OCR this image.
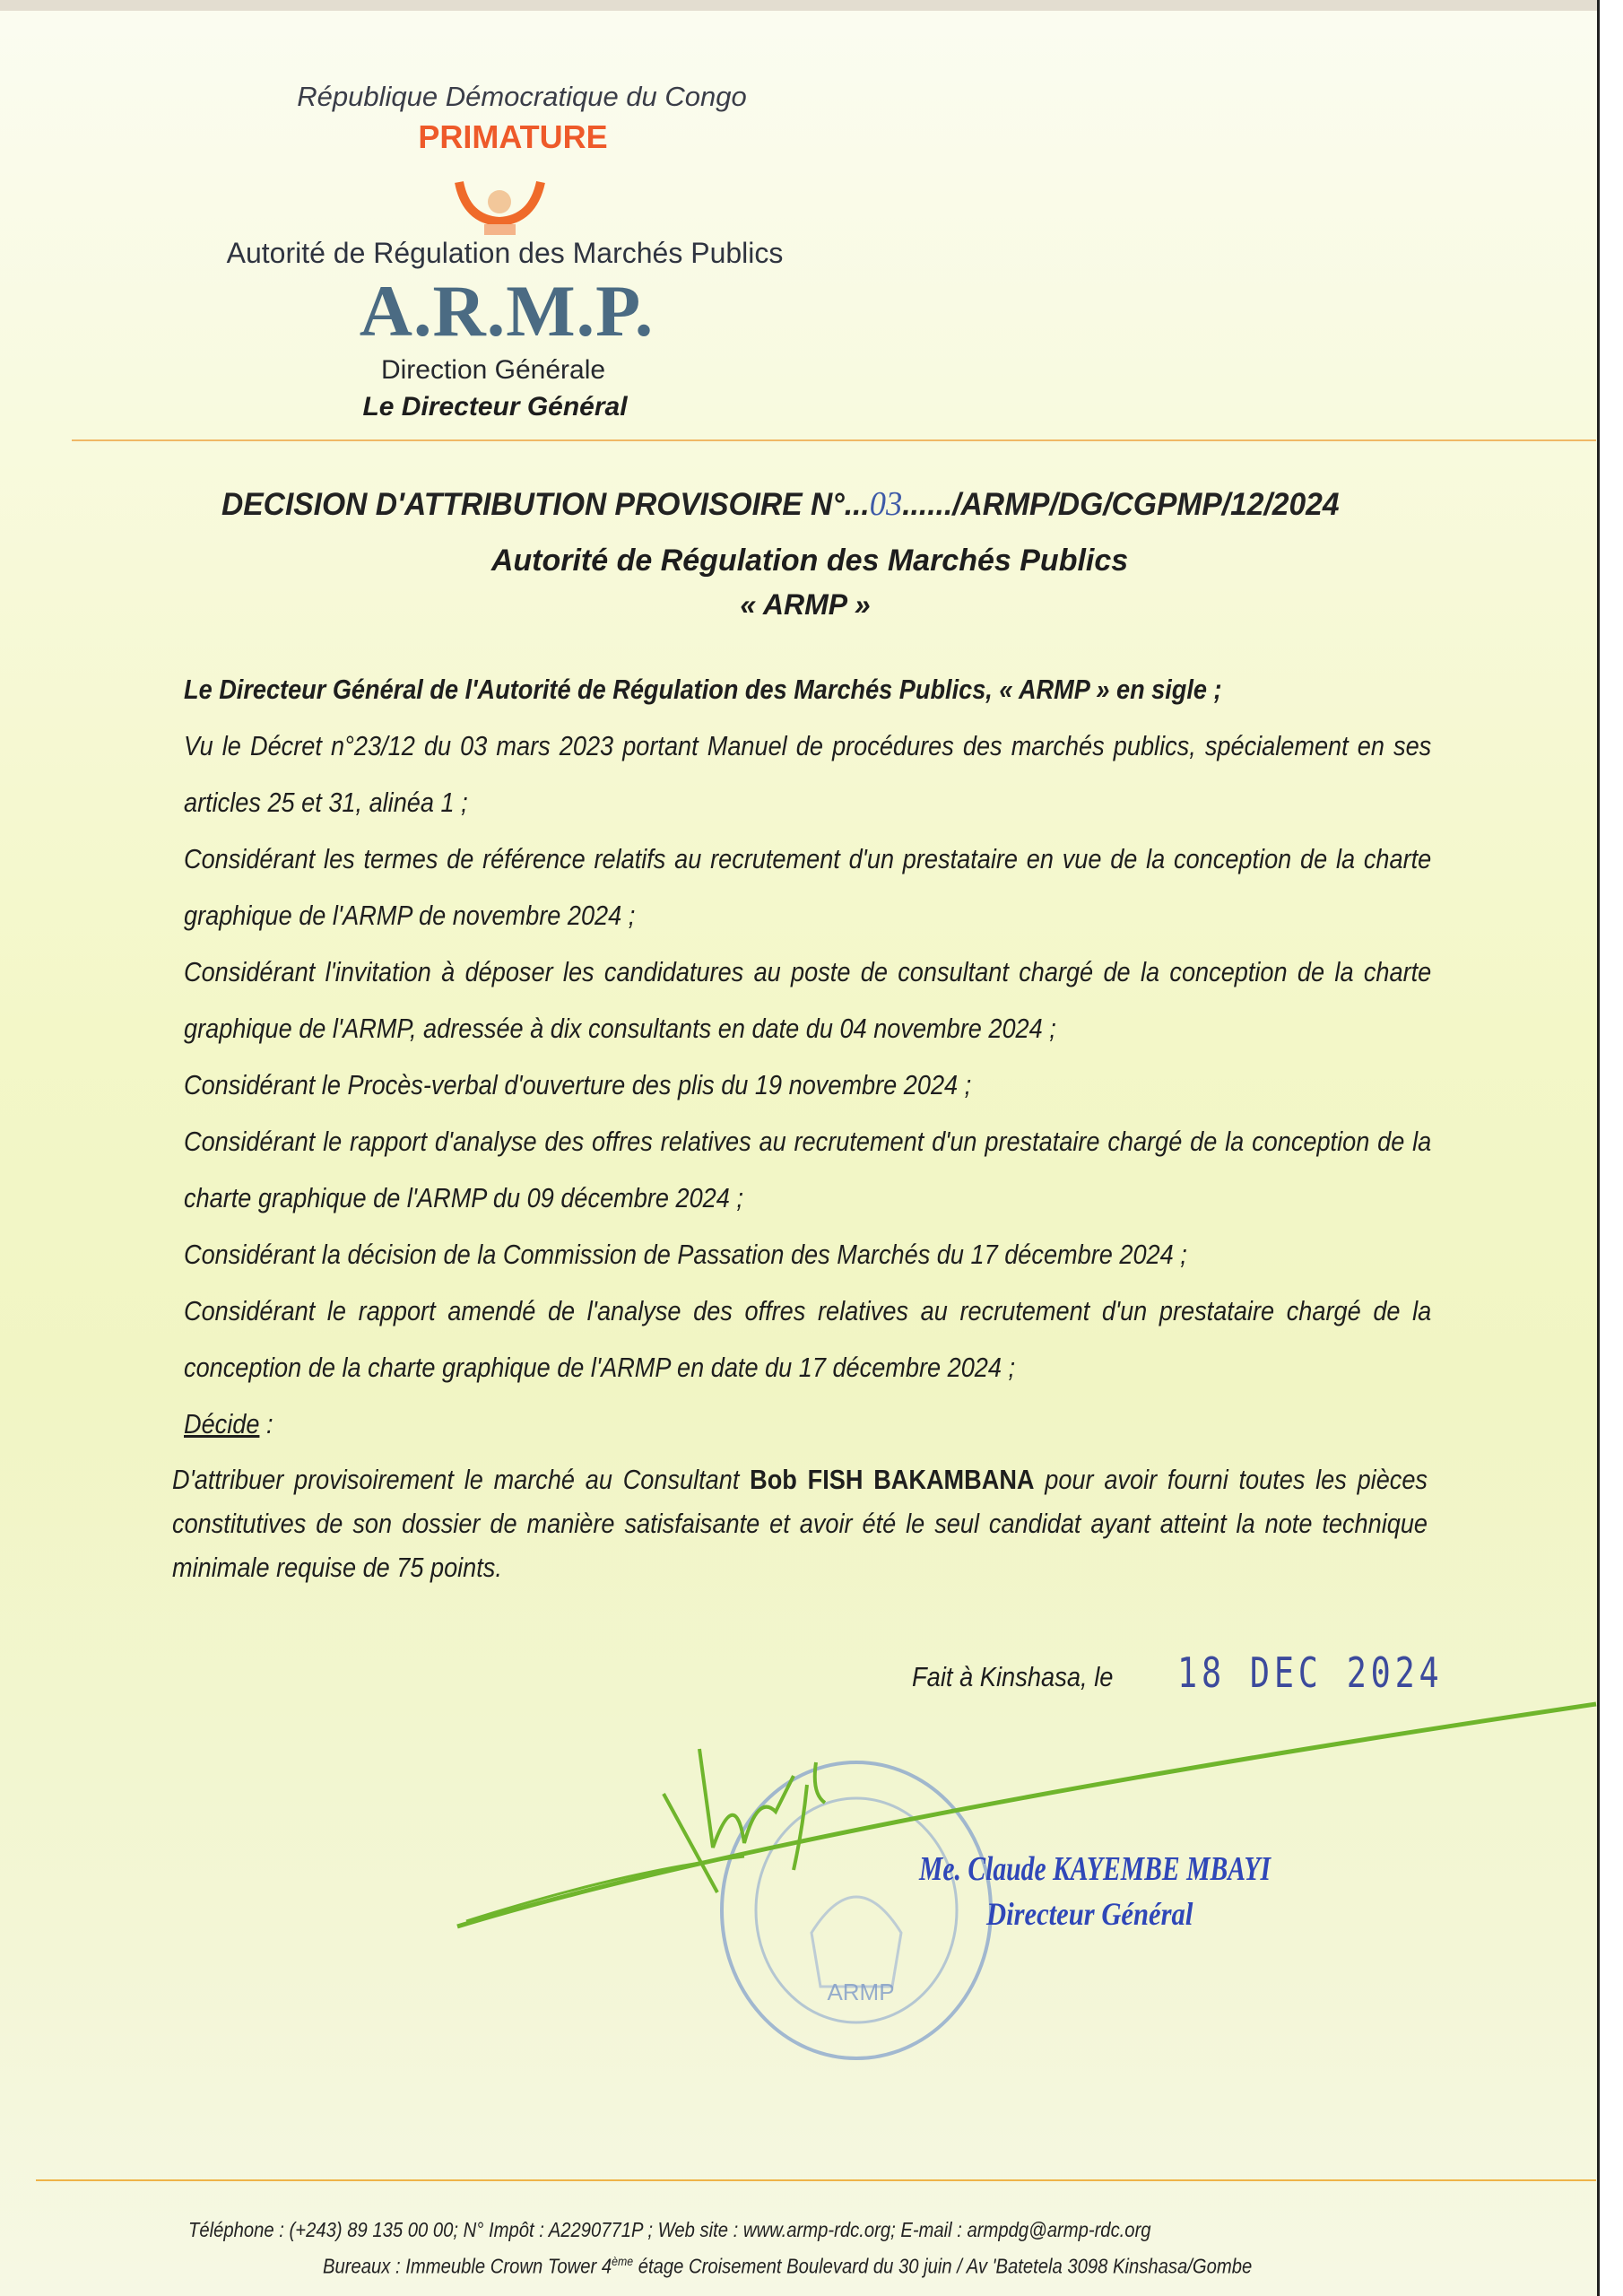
République Démocratique du Congo
PRIMATURE
Autorité de Régulation des Marchés Publics
A.R.M.P.
Direction Générale
Le Directeur Général
DECISION D'ATTRIBUTION PROVISOIRE N°...03....../ARMP/DG/CGPMP/12/2024
Autorité de Régulation des Marchés Publics
« ARMP »

Le Directeur Général de l'Autorité de Régulation des Marchés Publics, « ARMP » en sigle ;

Vu le Décret n°23/12 du 03 mars 2023 portant Manuel de procédures des marchés publics, spécialement en ses articles 25 et 31, alinéa 1 ;

Considérant les termes de référence relatifs au recrutement d'un prestataire en vue de la conception de la charte graphique de l'ARMP de novembre 2024 ;

Considérant l'invitation à déposer les candidatures au poste de consultant chargé de la conception de la charte graphique de l'ARMP, adressée à dix consultants en date du 04 novembre 2024 ;

Considérant le Procès-verbal d'ouverture des plis du 19 novembre 2024 ;

Considérant le rapport d'analyse des offres relatives au recrutement d'un prestataire chargé de la conception de la charte graphique de l'ARMP du 09 décembre 2024 ;

Considérant la décision de la Commission de Passation des Marchés du 17 décembre 2024 ;

Considérant le rapport amendé de l'analyse des offres relatives au recrutement d'un prestataire chargé de la conception de la charte graphique de l'ARMP en date du 17 décembre 2024 ;

Décide :

D'attribuer provisoirement le marché au Consultant Bob FISH BAKAMBANA pour avoir fourni toutes les pièces constitutives de son dossier de manière satisfaisante et avoir été le seul candidat ayant atteint la note technique minimale requise de 75 points.
Fait à Kinshasa, le 18 DEC 2024
ARMP
Me. Claude KAYEMBE MBAYI
Directeur Général
Téléphone : (+243) 89 135 00 00; N° Impôt : A2290771P ; Web site : www.armp-rdc.org; E-mail : armpdg@armp-rdc.org
Bureaux : Immeuble Crown Tower 4ème étage Croisement Boulevard du 30 juin / Av 'Batetela 3098 Kinshasa/Gombe
